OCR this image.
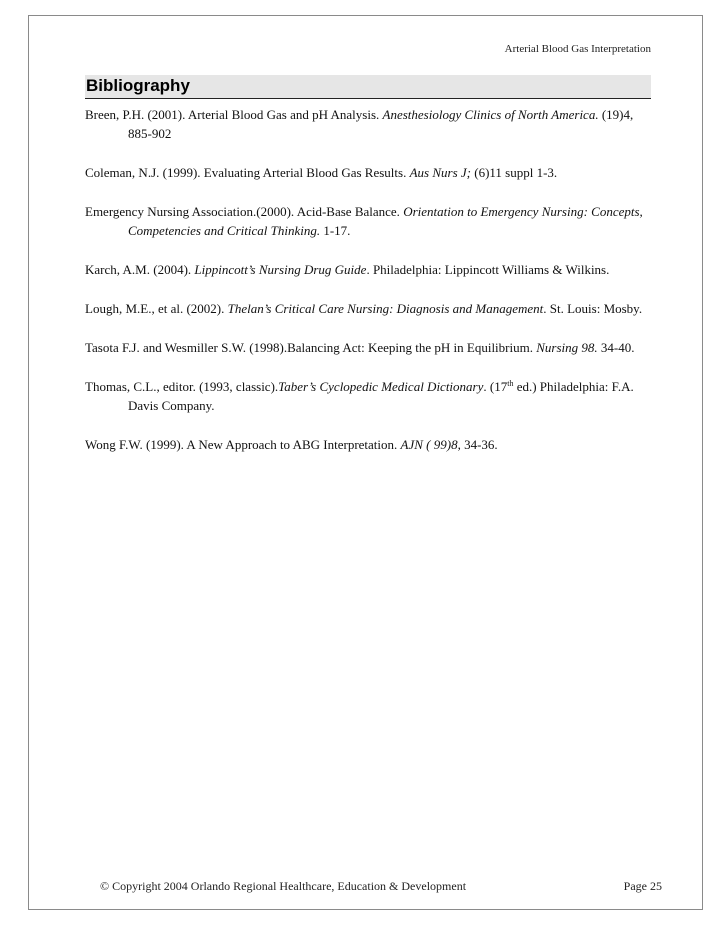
Arterial Blood Gas Interpretation
Bibliography

Breen, P.H. (2001). Arterial Blood Gas and pH Analysis. Anesthesiology Clinics of North America. (19)4, 885-902

Coleman, N.J. (1999). Evaluating Arterial Blood Gas Results. Aus Nurs J; (6)11 suppl 1-3.

Emergency Nursing Association.(2000). Acid-Base Balance. Orientation to Emergency Nursing: Concepts, Competencies and Critical Thinking. 1-17.

Karch, A.M. (2004). Lippincott’s Nursing Drug Guide. Philadelphia: Lippincott Williams & Wilkins.

Lough, M.E., et al. (2002). Thelan’s Critical Care Nursing: Diagnosis and Management. St. Louis: Mosby.

Tasota F.J. and Wesmiller S.W. (1998).Balancing Act: Keeping the pH in Equilibrium. Nursing 98. 34-40.

Thomas, C.L., editor. (1993, classic).Taber’s Cyclopedic Medical Dictionary. (17th ed.) Philadelphia: F.A. Davis Company.

Wong F.W. (1999). A New Approach to ABG Interpretation. AJN ( 99)8, 34-36.

© Copyright 2004 Orlando Regional Healthcare, Education & Development	Page 25
